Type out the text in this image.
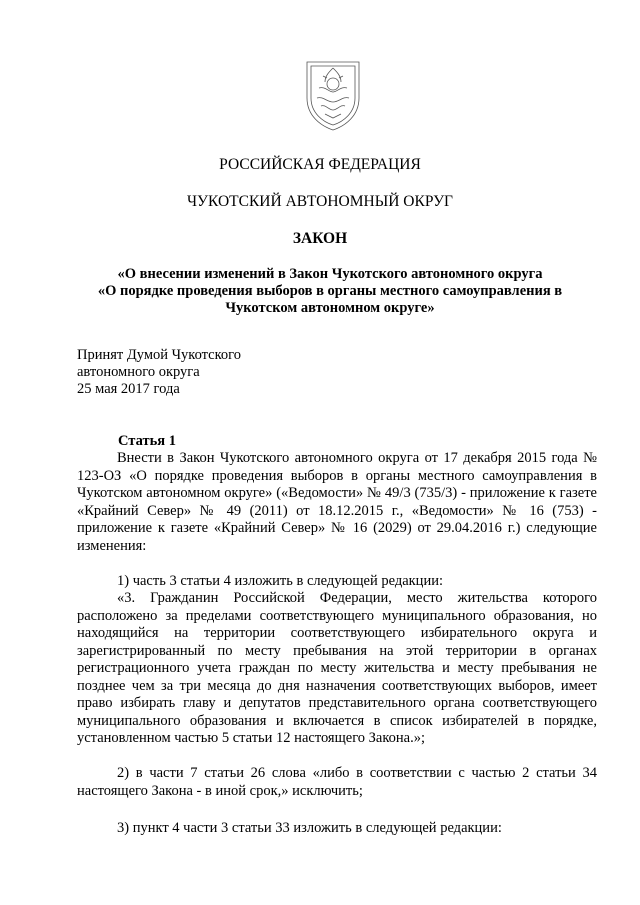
РОССИЙСКАЯ ФЕДЕРАЦИЯ
ЧУКОТСКИЙ АВТОНОМНЫЙ ОКРУГ
ЗАКОН
«О внесении изменений в Закон Чукотского автономного округа
«О порядке проведения выборов в органы местного самоуправления в
Чукотском автономном округе»
Принят Думой Чукотского
автономного округа
25 мая 2017 года
Статья 1

Внести в Закон Чукотского автономного округа от 17 декабря 2015 года № 123-ОЗ «О порядке проведения выборов в органы местного самоуправления в Чукотском автономном округе» («Ведомости» № 49/3 (735/3) - приложение к газете «Крайний Север» № 49 (2011) от 18.12.2015 г., «Ведомости» № 16 (753) - приложение к газете «Крайний Север» № 16 (2029) от 29.04.2016 г.) следующие изменения:

1) часть 3 статьи 4 изложить в следующей редакции:

«3. Гражданин Российской Федерации, место жительства которого расположено за пределами соответствующего муниципального образования, но находящийся на территории соответствующего избирательного округа и зарегистрированный по месту пребывания на этой территории в органах регистрационного учета граждан по месту жительства и месту пребывания не позднее чем за три месяца до дня назначения соответствующих выборов, имеет право избирать главу и депутатов представительного органа соответствующего муниципального образования и включается в список избирателей в порядке, установленном частью 5 статьи 12 настоящего Закона.»;

2) в части 7 статьи 26 слова «либо в соответствии с частью 2 статьи 34 настоящего Закона - в иной срок,» исключить;

3) пункт 4 части 3 статьи 33 изложить в следующей редакции:
